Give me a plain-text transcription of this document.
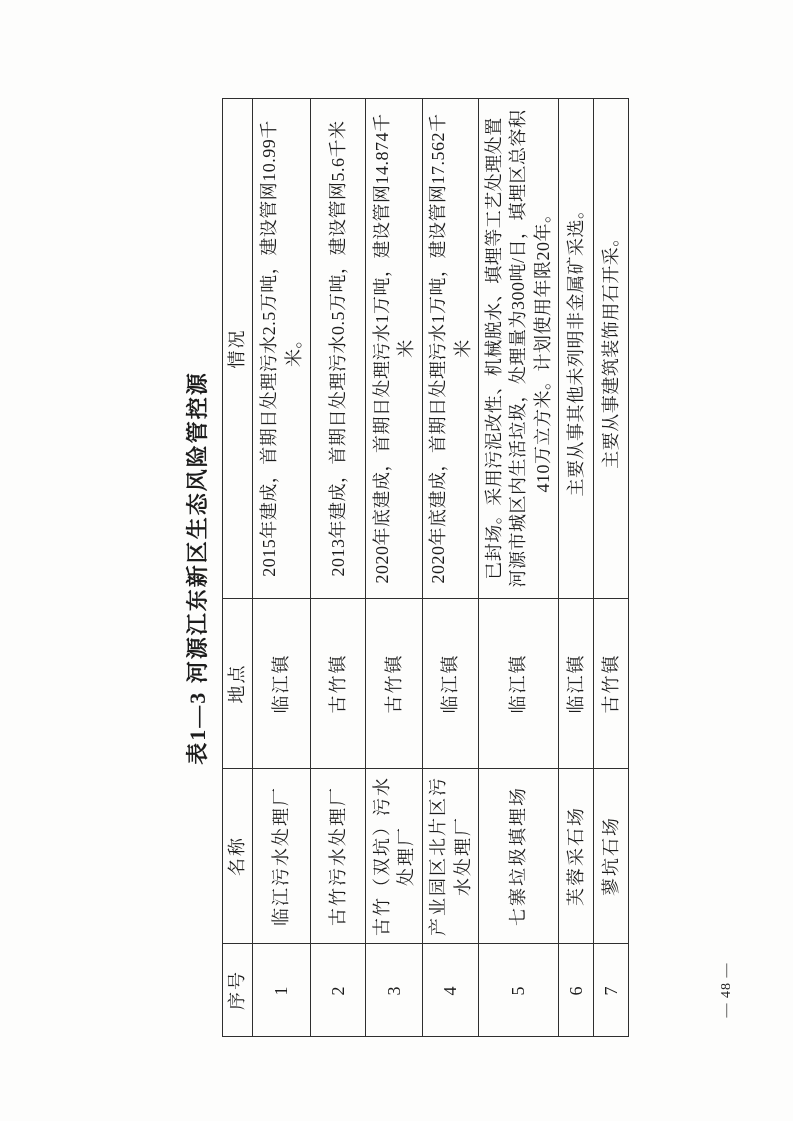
表1—3 河源江东新区生态风险管控源
序号	名称	地点	情况
1	临江污水处理厂	临江镇	2015年建成，首期日处理污水2.5万吨，建设管网10.99千米。
2	古竹污水处理厂	古竹镇	2013年建成，首期日处理污水0.5万吨，建设管网5.6千米
3	古竹（双坑）污水处理厂	古竹镇	2020年底建成，首期日处理污水1万吨，建设管网14.874千米
4	产业园区北片区污水处理厂	临江镇	2020年底建成，首期日处理污水1万吨，建设管网17.562千米
5	七寨垃圾填埋场	临江镇	已封场。采用污泥改性、机械脱水、填埋等工艺处理处置河源市城区内生活垃圾，处理量为300吨/日，填埋区总容积410万立方米。计划使用年限20年。
6	芙蓉采石场	临江镇	主要从事其他未列明非金属矿采选。
7	蓼坑石场	古竹镇	主要从事建筑装饰用石开采。
— 48 —
